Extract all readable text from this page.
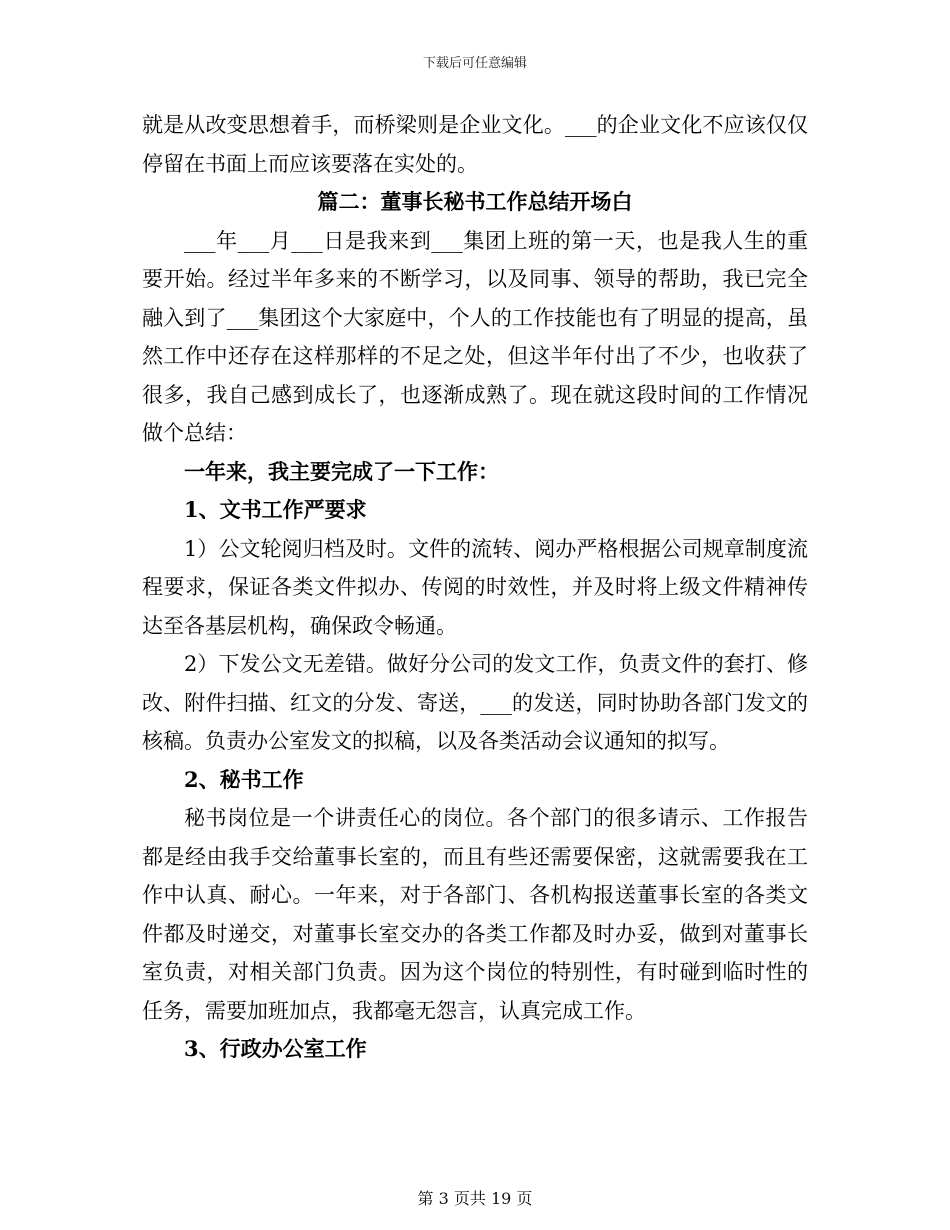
下载后可任意编辑

就是从改变思想着手，而桥梁则是企业文化。___的企业文化不应该仅仅停留在书面上而应该要落在实处的。

篇二：董事长秘书工作总结开场白

___年___月___日是我来到___集团上班的第一天，也是我人生的重要开始。经过半年多来的不断学习，以及同事、领导的帮助，我已完全融入到了___集团这个大家庭中，个人的工作技能也有了明显的提高，虽然工作中还存在这样那样的不足之处，但这半年付出了不少，也收获了很多，我自己感到成长了，也逐渐成熟了。现在就这段时间的工作情况做个总结：

一年来，我主要完成了一下工作：

1、文书工作严要求

1）公文轮阅归档及时。文件的流转、阅办严格根据公司规章制度流程要求，保证各类文件拟办、传阅的时效性，并及时将上级文件精神传达至各基层机构，确保政令畅通。

2）下发公文无差错。做好分公司的发文工作，负责文件的套打、修改、附件扫描、红文的分发、寄送，___的发送，同时协助各部门发文的核稿。负责办公室发文的拟稿，以及各类活动会议通知的拟写。

2、秘书工作

秘书岗位是一个讲责任心的岗位。各个部门的很多请示、工作报告都是经由我手交给董事长室的，而且有些还需要保密，这就需要我在工作中认真、耐心。一年来，对于各部门、各机构报送董事长室的各类文件都及时递交，对董事长室交办的各类工作都及时办妥，做到对董事长室负责，对相关部门负责。因为这个岗位的特别性，有时碰到临时性的任务，需要加班加点，我都毫无怨言，认真完成工作。

3、行政办公室工作

第 3 页共 19 页
